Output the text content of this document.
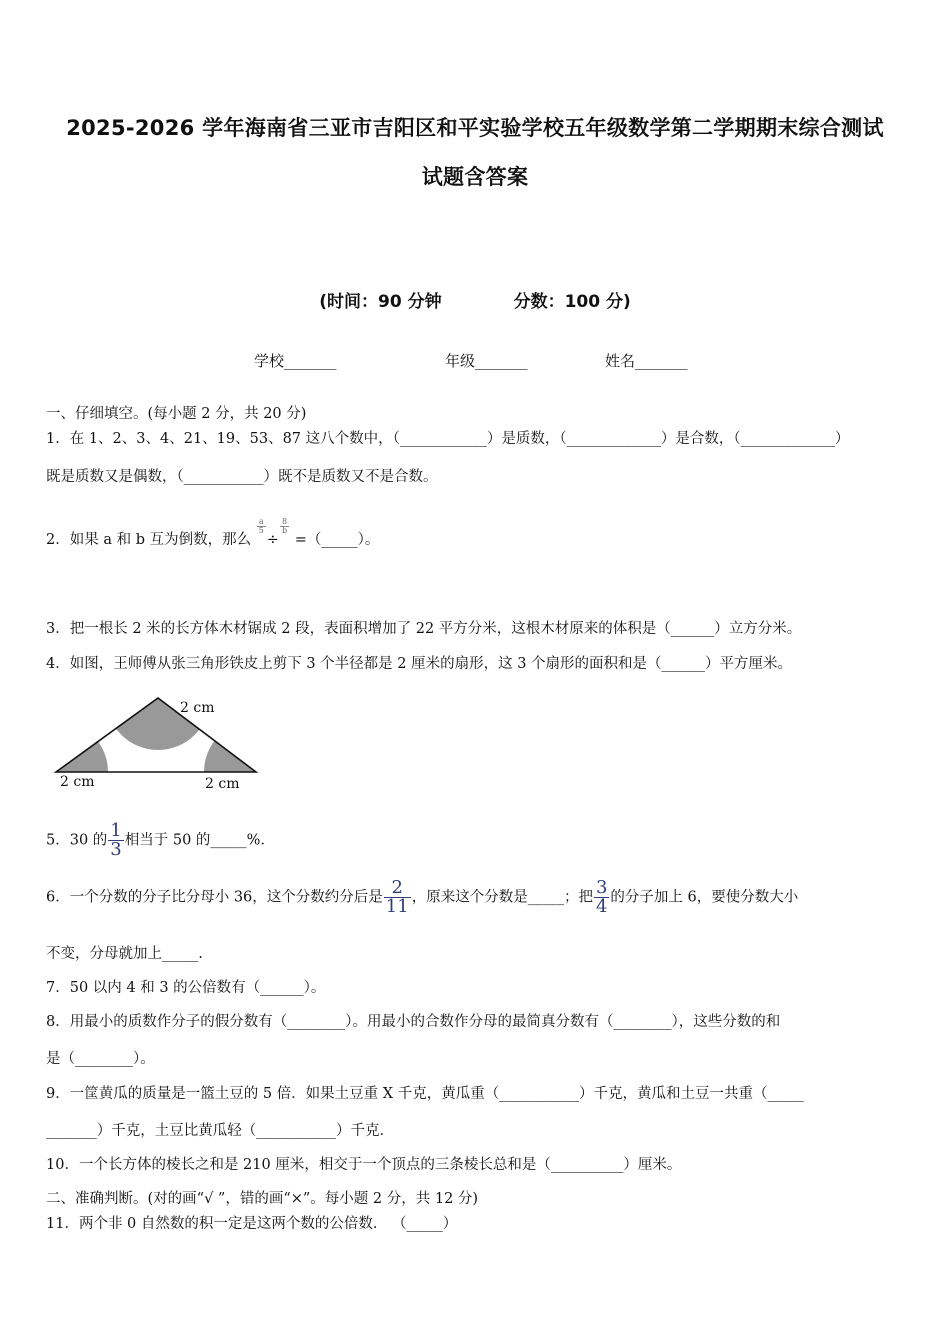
2025-2026 学年海南省三亚市吉阳区和平实验学校五年级数学第二学期期末综合测试
试题含答案
(时间：90 分钟	分数：100 分)
学校_______	年级_______	姓名_______
一、仔细填空。(每小题 2 分，共 20 分)
1．在 1、2、3、4、21、19、53、87 这八个数中，（____________）是质数，（_____________）是合数，（_____________）
既是质数又是偶数，（___________）既不是质数又不是合数。
2．如果 a 和 b 互为倒数，那么
$\frac{a}{5}$
÷
$\frac{8}{b}$
=（_____）。
3．把一根长 2 米的长方体木材锯成 2 段，表面积增加了 22 平方分米，这根木材原来的体积是（______）立方分米。
4．如图，王师傅从张三角形铁皮上剪下 3 个半径都是 2 厘米的扇形，这 3 个扇形的面积和是（______）平方厘米。
2 cm
2 cm	2 cm
5．30 的 $\frac{1}{3}$ 相当于 50 的_____%．
6．一个分数的分子比分母小 36，这个分数约分后是 $\frac{2}{11}$ ，原来这个分数是_____；把 $\frac{3}{4}$ 的分子加上 6，要使分数大小
不变，分母就加上_____.
7．50 以内 4 和 3 的公倍数有（______）。
8．用最小的质数作分子的假分数有（________）。用最小的合数作分母的最简真分数有（________），这些分数的和
是（________）。
9．一筐黄瓜的质量是一篮土豆的 5 倍．如果土豆重 X 千克，黄瓜重（___________）千克，黄瓜和土豆一共重（_____
_______）千克，土豆比黄瓜轻（___________）千克．
10．一个长方体的棱长之和是 210 厘米，相交于一个顶点的三条棱长总和是（__________）厘米。
二、准确判断。(对的画“√ ”，错的画“×”。每小题 2 分，共 12 分)
11．两个非 0 自然数的积一定是这两个数的公倍数． （_____）
